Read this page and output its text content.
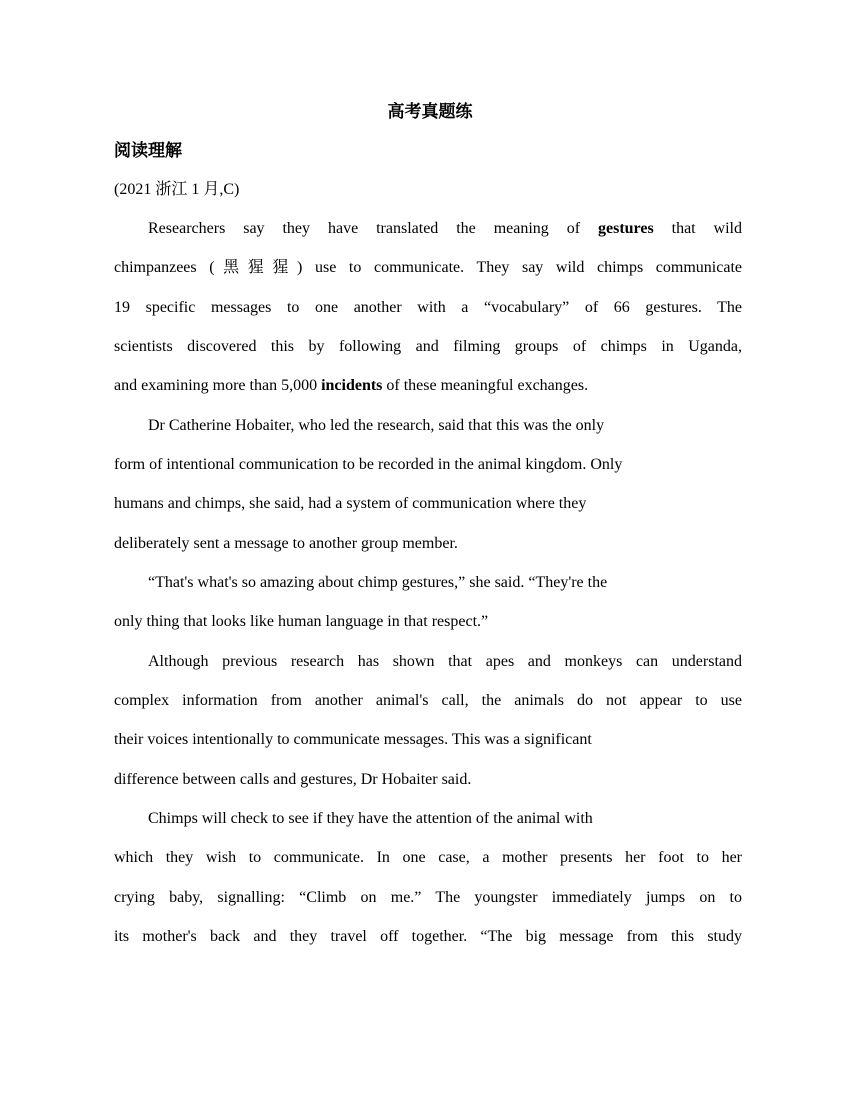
高考真题练
阅读理解
(2021 浙江 1 月,C)
Researchers say they have translated the meaning of gestures that wild
chimpanzees (黑猩猩) use to communicate. They say wild chimps communicate
19 specific messages to one another with a “vocabulary” of 66 gestures. The
scientists discovered this by following and filming groups of chimps in Uganda,
and examining more than 5,000 incidents of these meaningful exchanges.
Dr Catherine Hobaiter, who led the research, said that this was the only
form of intentional communication to be recorded in the animal kingdom. Only
humans and chimps, she said, had a system of communication where they
deliberately sent a message to another group member.
“That's what's so amazing about chimp gestures,” she said. “They're the
only thing that looks like human language in that respect.”
Although previous research has shown that apes and monkeys can understand
complex information from another animal's call, the animals do not appear to use
their voices intentionally to communicate messages. This was a significant
difference between calls and gestures, Dr Hobaiter said.
Chimps will check to see if they have the attention of the animal with
which they wish to communicate. In one case, a mother presents her foot to her
crying baby, signalling: “Climb on me.” The youngster immediately jumps on to
its mother's back and they travel off together. “The big message from this study
